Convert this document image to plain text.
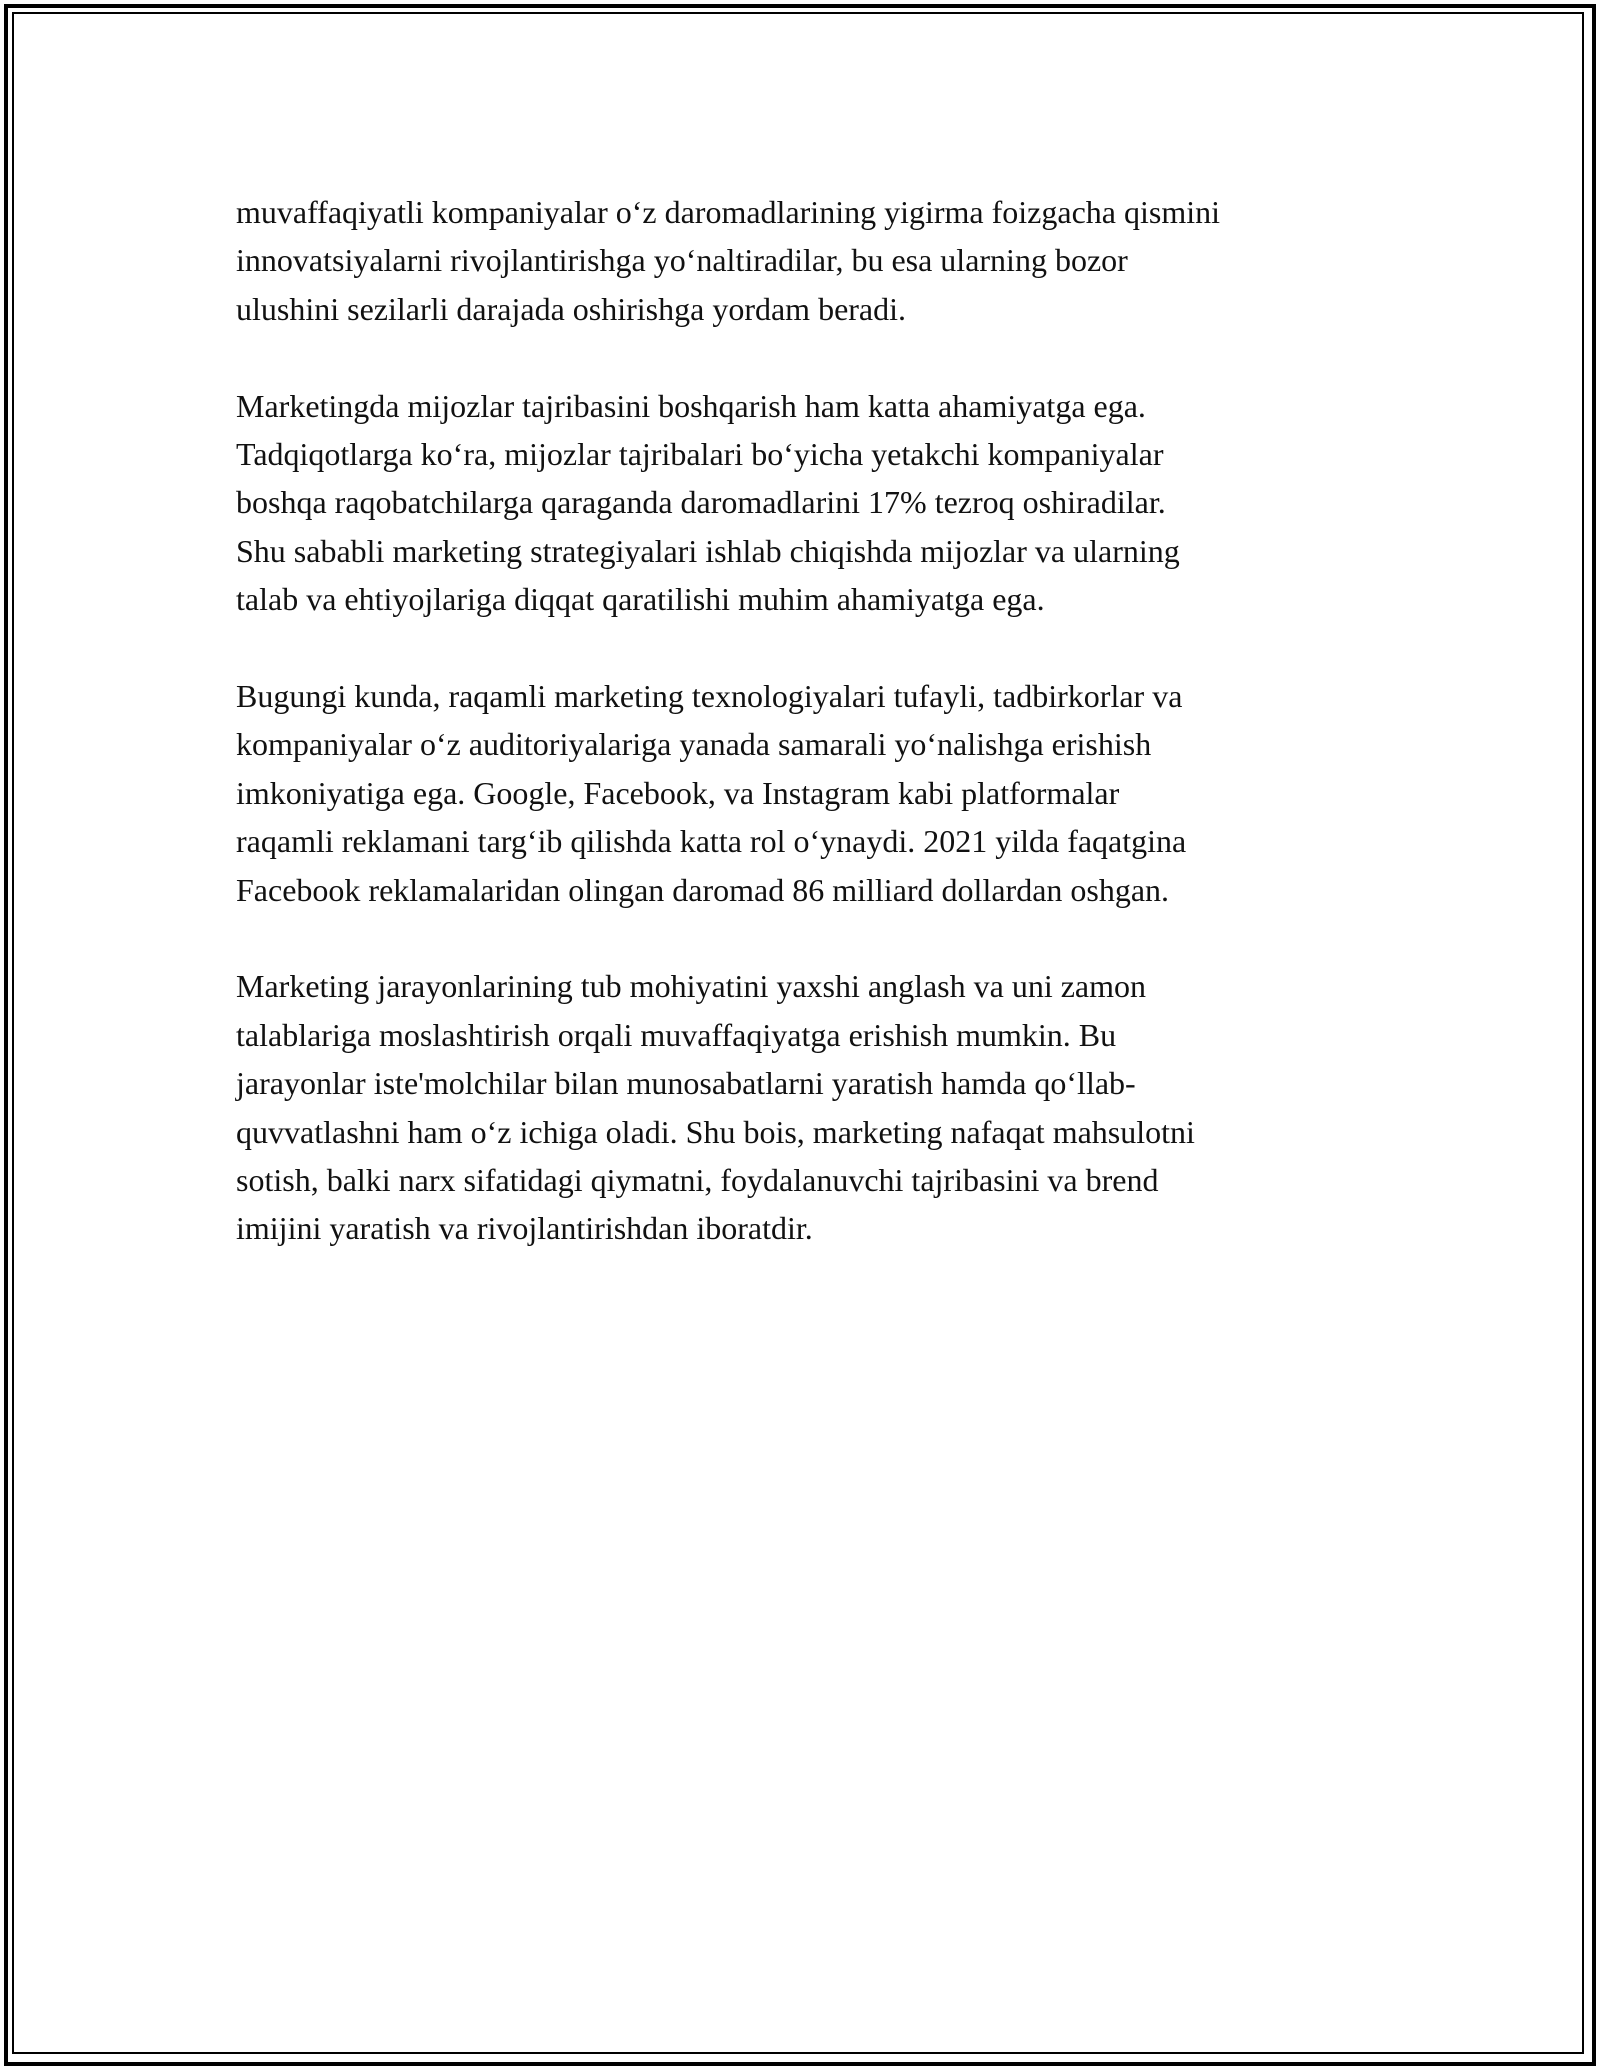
muvaffaqiyatli kompaniyalar o‘z daromadlarining yigirma foizgacha qismini
innovatsiyalarni rivojlantirishga yo‘naltiradilar, bu esa ularning bozor
ulushini sezilarli darajada oshirishga yordam beradi.

Marketingda mijozlar tajribasini boshqarish ham katta ahamiyatga ega.
Tadqiqotlarga ko‘ra, mijozlar tajribalari bo‘yicha yetakchi kompaniyalar
boshqa raqobatchilarga qaraganda daromadlarini 17% tezroq oshiradilar.
Shu sababli marketing strategiyalari ishlab chiqishda mijozlar va ularning
talab va ehtiyojlariga diqqat qaratilishi muhim ahamiyatga ega.

Bugungi kunda, raqamli marketing texnologiyalari tufayli, tadbirkorlar va
kompaniyalar o‘z auditoriyalariga yanada samarali yo‘nalishga erishish
imkoniyatiga ega. Google, Facebook, va Instagram kabi platformalar
raqamli reklamani targ‘ib qilishda katta rol o‘ynaydi. 2021 yilda faqatgina
Facebook reklamalaridan olingan daromad 86 milliard dollardan oshgan.

Marketing jarayonlarining tub mohiyatini yaxshi anglash va uni zamon
talablariga moslashtirish orqali muvaffaqiyatga erishish mumkin. Bu
jarayonlar iste'molchilar bilan munosabatlarni yaratish hamda qo‘llab-
quvvatlashni ham o‘z ichiga oladi. Shu bois, marketing nafaqat mahsulotni
sotish, balki narx sifatidagi qiymatni, foydalanuvchi tajribasini va brend
imijini yaratish va rivojlantirishdan iboratdir.
